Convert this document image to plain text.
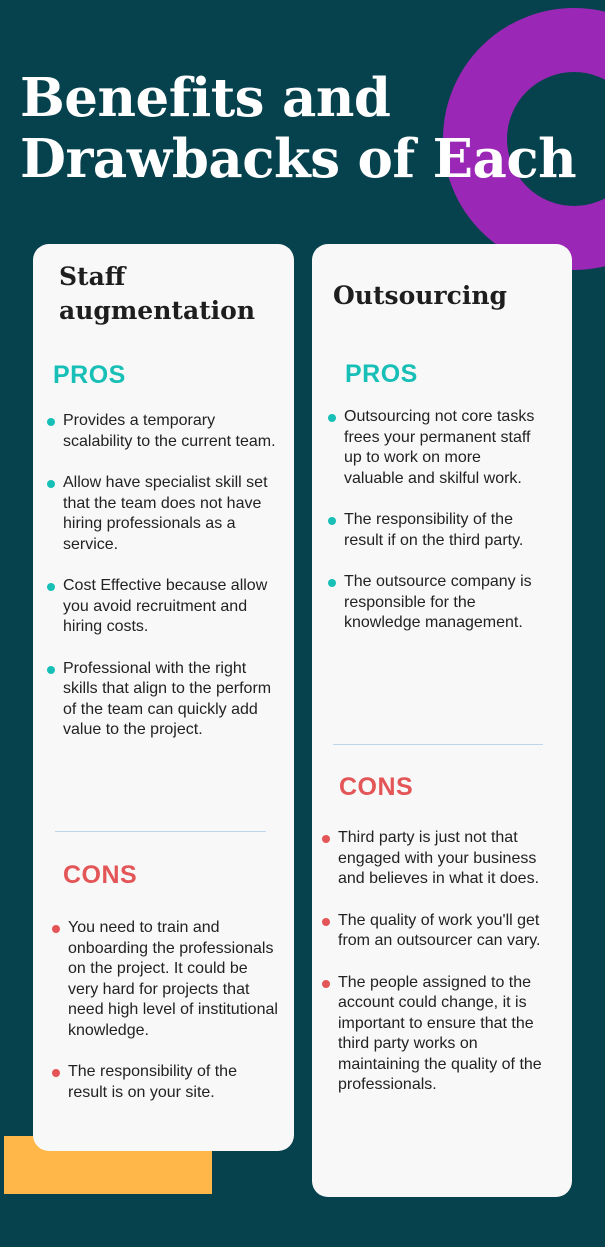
Benefits and
Drawbacks of Each
Staff
augmentation
PROS
Provides a temporary scalability to the current team.
Allow have specialist skill set that the team does not have hiring professionals as a service.
Cost Effective because allow you avoid recruitment and hiring costs.
Professional with the right skills that align to the perform of the team can quickly add value to the project.
CONS
You need to train and onboarding the professionals on the project. It could be very hard for projects that need high level of institutional knowledge.
The responsibility of the result is on your site.
Outsourcing
PROS
Outsourcing not core tasks frees your permanent staff up to work on more valuable and skilful work.
The responsibility of the result if on the third party.
The outsource company is responsible for the knowledge management.
CONS
Third party is just not that engaged with your business and believes in what it does.
The quality of work you'll get from an outsourcer can vary.
The people assigned to the account could change, it is important to ensure that the third party works on maintaining the quality of the professionals.
